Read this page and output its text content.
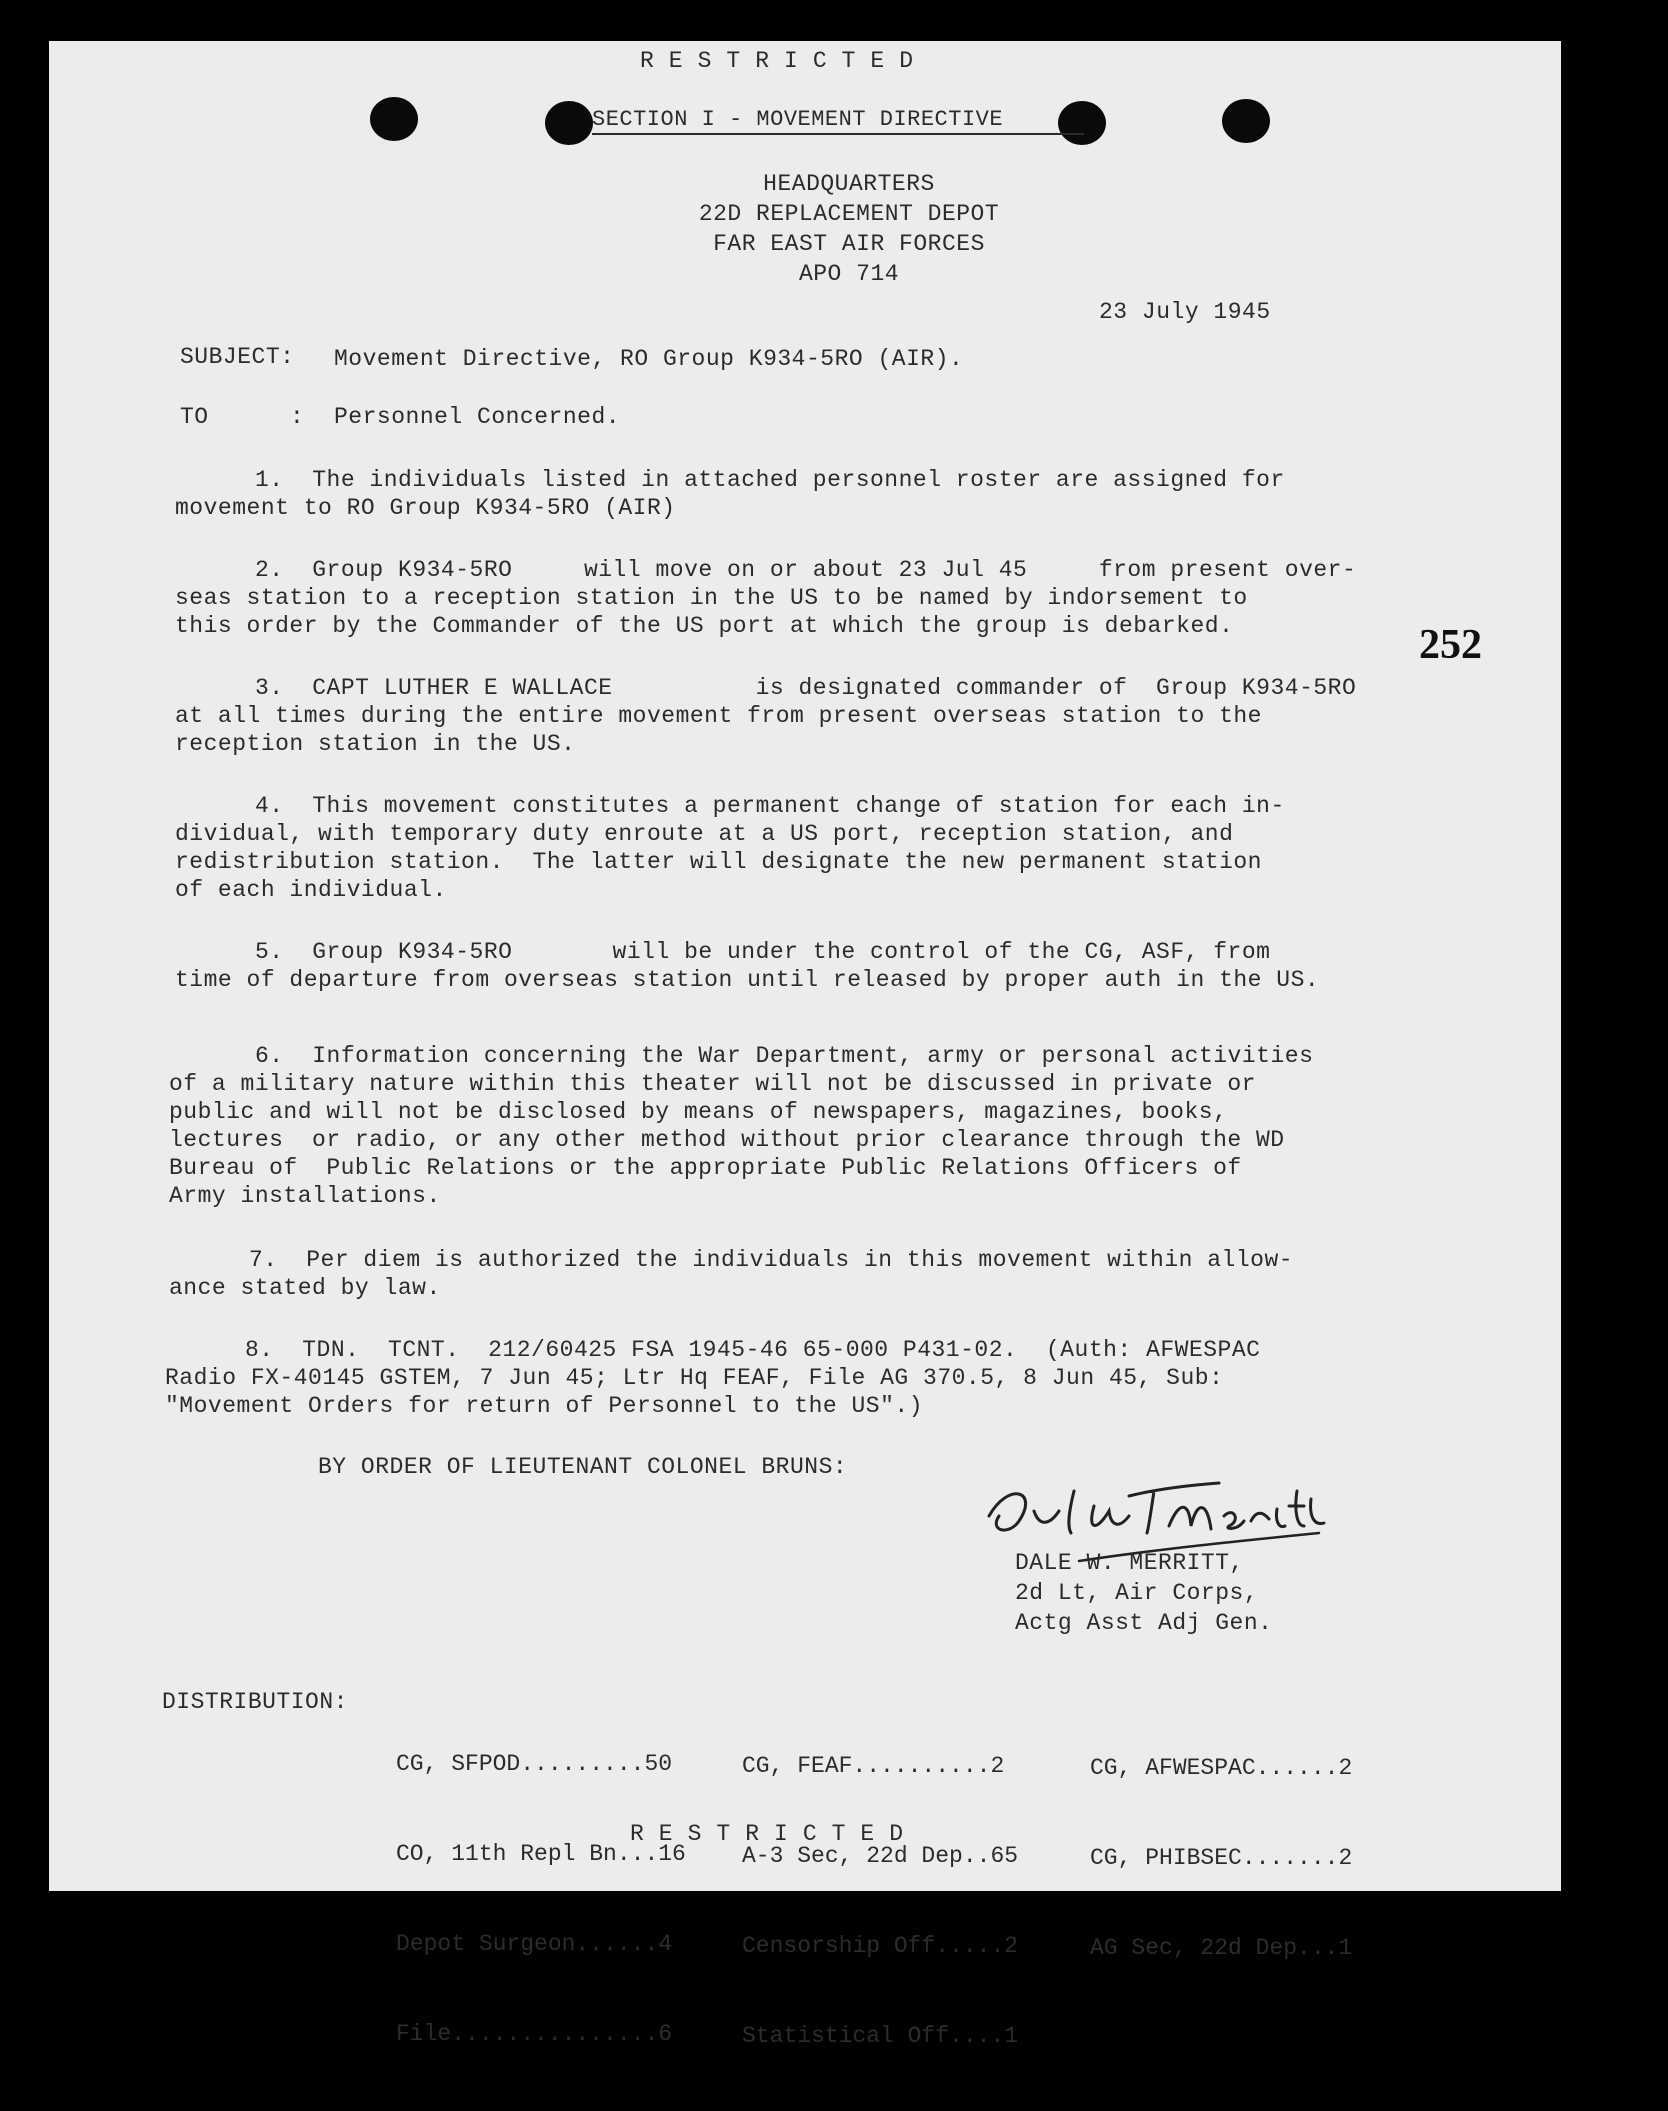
RESTRICTED
SECTION I - MOVEMENT DIRECTIVE
HEADQUARTERS
22D REPLACEMENT DEPOT
FAR EAST AIR FORCES
APO 714
23 July 1945
SUBJECT: Movement Directive, RO Group K934-5RO (AIR).
TO	: Personnel Concerned.
1.  The individuals listed in attached personnel roster are assigned for
movement to RO Group K934-5RO (AIR)
2.  Group K934-5RO     will move on or about 23 Jul 45     from present over-
seas station to a reception station in the US to be named by indorsement to
this order by the Commander of the US port at which the group is debarked.	252
3.  CAPT LUTHER E WALLACE          is designated commander of  Group K934-5RO
at all times during the entire movement from present overseas station to the
reception station in the US.
4.  This movement constitutes a permanent change of station for each in-
dividual, with temporary duty enroute at a US port, reception station, and
redistribution station.  The latter will designate the new permanent station
of each individual.
5.  Group K934-5RO       will be under the control of the CG, ASF, from
time of departure from overseas station until released by proper auth in the US.
6.  Information concerning the War Department, army or personal activities
of a military nature within this theater will not be discussed in private or
public and will not be disclosed by means of newspapers, magazines, books,
lectures  or radio, or any other method without prior clearance through the WD
Bureau of  Public Relations or the appropriate Public Relations Officers of
Army installations.
7.  Per diem is authorized the individuals in this movement within allow-
ance stated by law.
8.  TDN.  TCNT.  212/60425 FSA 1945-46 65-000 P431-02.  (Auth: AFWESPAC
Radio FX-40145 GSTEM, 7 Jun 45; Ltr Hq FEAF, File AG 370.5, 8 Jun 45, Sub:
"Movement Orders for return of Personnel to the US".)
BY ORDER OF LIEUTENANT COLONEL BRUNS:
DALE W. MERRITT,
2d Lt, Air Corps,
Actg Asst Adj Gen.
DISTRIBUTION:

CG, SFPOD.........50

CO, 11th Repl Bn...16

Depot Surgeon......4

File...............6

CG, FEAF..........2

A-3 Sec, 22d Dep..65

Censorship Off.....2

Statistical Off....1

CG, AFWESPAC......2

CG, PHIBSEC.......2

AG Sec, 22d Dep...1

RESTRICTED
